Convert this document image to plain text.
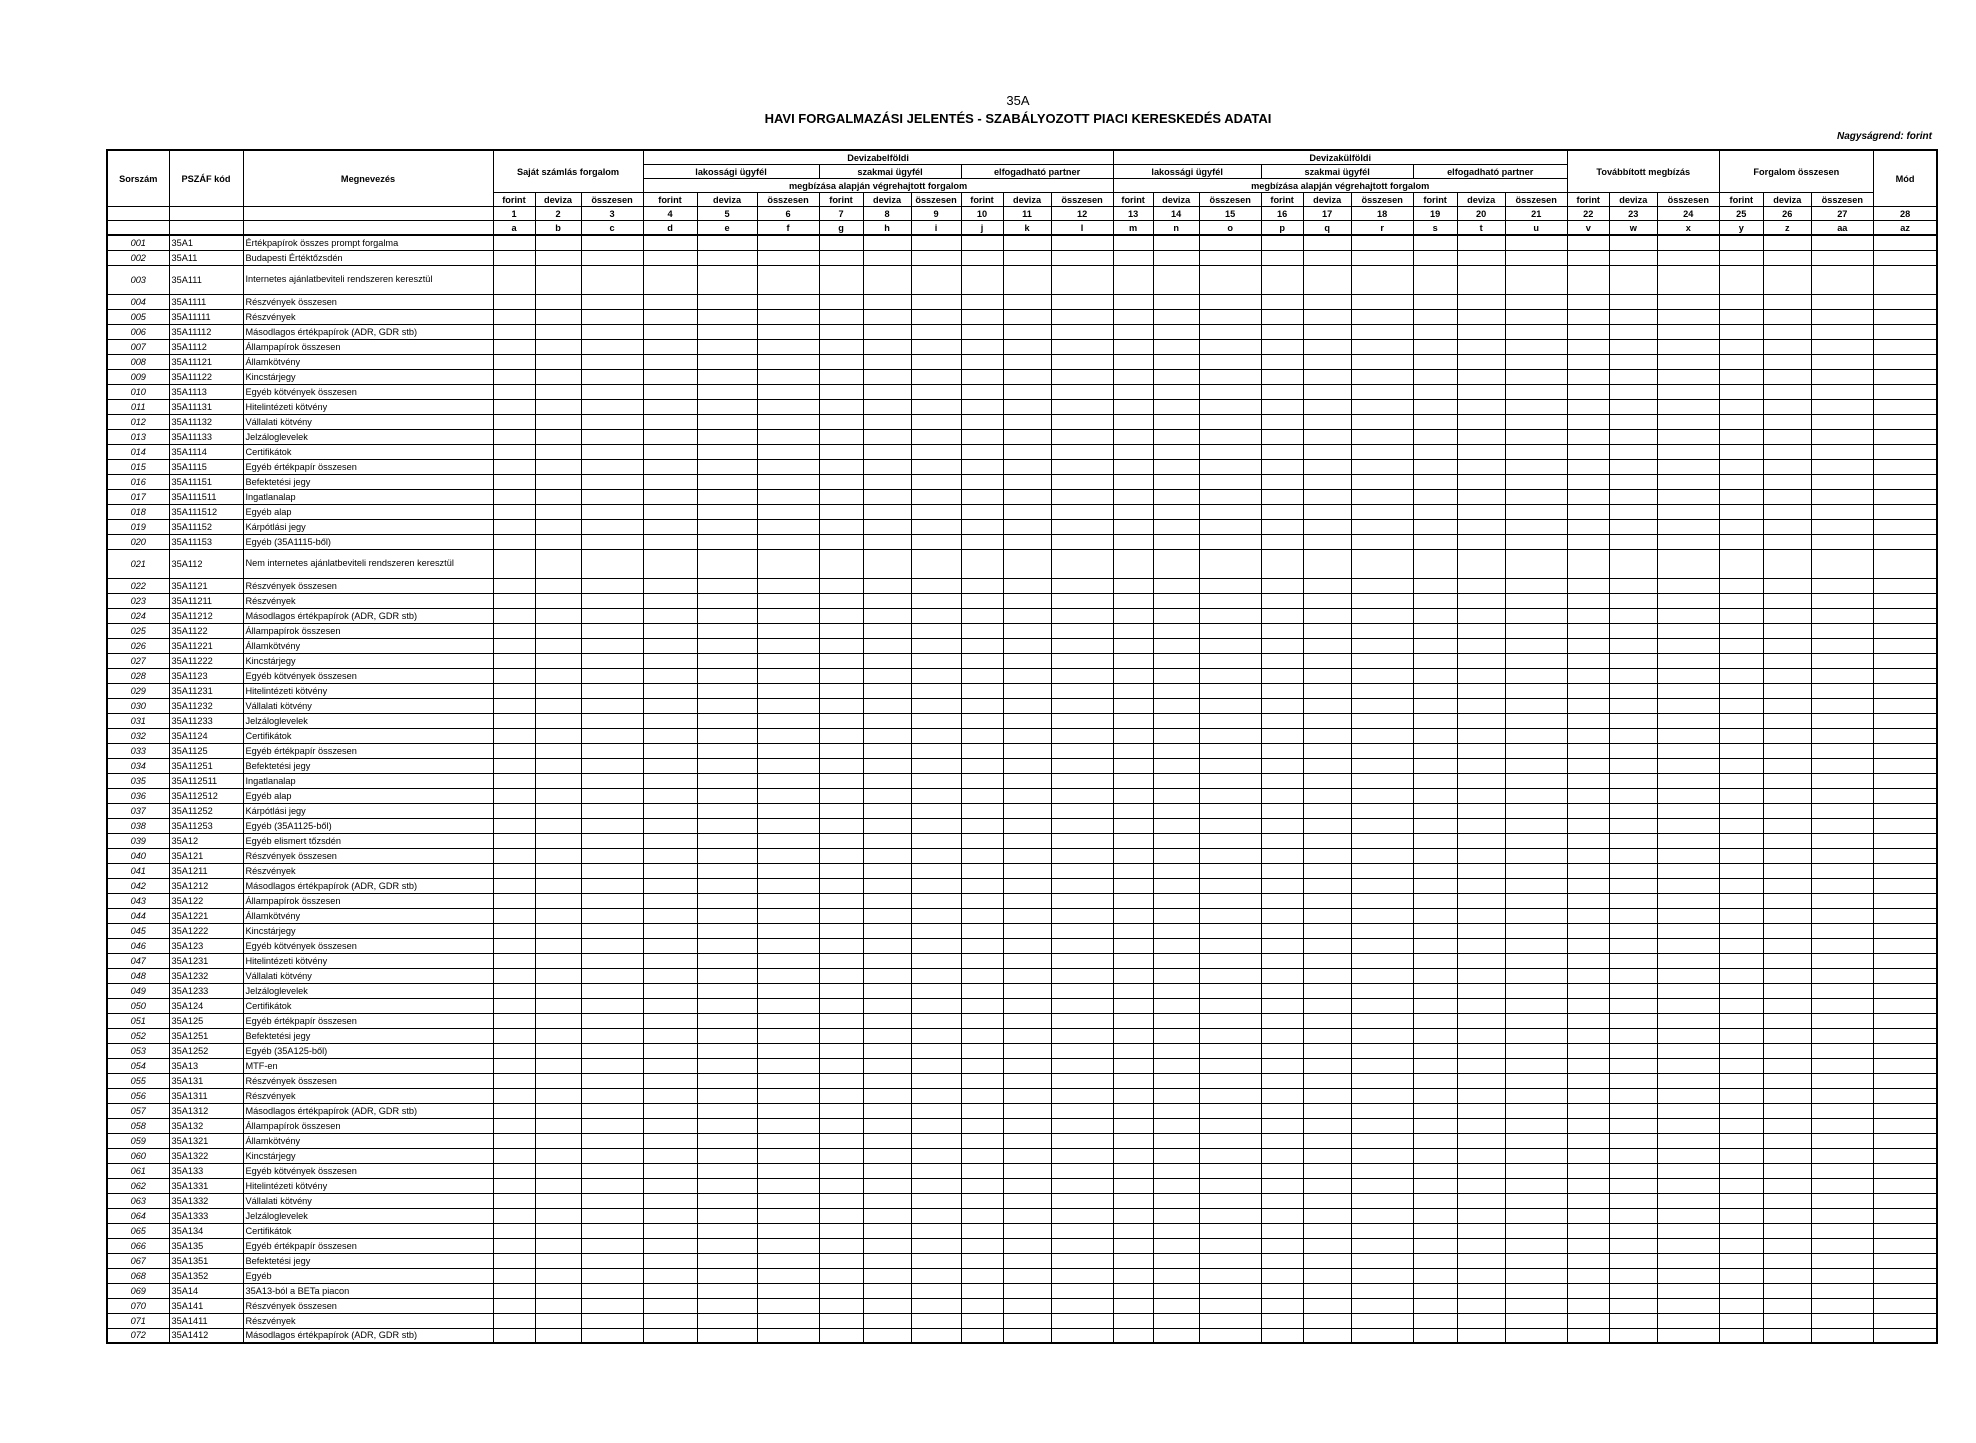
35A
HAVI FORGALMAZÁSI JELENTÉS - SZABÁLYOZOTT PIACI KERESKEDÉS ADATAI
Nagyságrend: forint
Sorszám	PSZÁF kód	Megnevezés	Saját számlás forgalom			Devizabelföldi									Devizakülföldi									Továbbított megbízás			Forgalom összesen			Mód
						lakossági ügyfél			szakmai ügyfél			elfogadható partner			lakossági ügyfél			szakmai ügyfél			elfogadható partner									
						megbízása alapján végrehajtott forgalom									megbízása alapján végrehajtott forgalom															
			forint	deviza	összesen	forint	deviza	összesen	forint	deviza	összesen	forint	deviza	összesen	forint	deviza	összesen	forint	deviza	összesen	forint	deviza	összesen	forint	deviza	összesen	forint	deviza	összesen	
			1	2	3	4	5	6	7	8	9	10	11	12	13	14	15	16	17	18	19	20	21	22	23	24	25	26	27	28
			a	b	c	d	e	f	g	h	i	j	k	l	m	n	o	p	q	r	s	t	u	v	w	x	y	z	aa	az
001	35A1	Értékpapírok összes prompt forgalma																												
002	35A11	Budapesti Értéktőzsdén																												
003	35A111	Internetes ajánlatbeviteli rendszeren keresztül																												
004	35A1111	Részvények összesen																												
005	35A11111	Részvények																												
006	35A11112	Másodlagos értékpapírok (ADR, GDR stb)																												
007	35A1112	Állampapírok összesen																												
008	35A11121	Államkötvény																												
009	35A11122	Kincstárjegy																												
010	35A1113	Egyéb kötvények összesen																												
011	35A11131	Hitelintézeti kötvény																												
012	35A11132	Vállalati kötvény																												
013	35A11133	Jelzáloglevelek																												
014	35A1114	Certifikátok																												
015	35A1115	Egyéb értékpapír összesen																												
016	35A11151	Befektetési jegy																												
017	35A111511	Ingatlanalap																												
018	35A111512	Egyéb alap																												
019	35A11152	Kárpótlási jegy																												
020	35A11153	Egyéb (35A1115-ből)																												
021	35A112	Nem internetes ajánlatbeviteli rendszeren keresztül																												
022	35A1121	Részvények összesen																												
023	35A11211	Részvények																												
024	35A11212	Másodlagos értékpapírok (ADR, GDR stb)																												
025	35A1122	Állampapírok összesen																												
026	35A11221	Államkötvény																												
027	35A11222	Kincstárjegy																												
028	35A1123	Egyéb kötvények összesen																												
029	35A11231	Hitelintézeti kötvény																												
030	35A11232	Vállalati kötvény																												
031	35A11233	Jelzáloglevelek																												
032	35A1124	Certifikátok																												
033	35A1125	Egyéb értékpapír összesen																												
034	35A11251	Befektetési jegy																												
035	35A112511	Ingatlanalap																												
036	35A112512	Egyéb alap																												
037	35A11252	Kárpótlási jegy																												
038	35A11253	Egyéb (35A1125-ből)																												
039	35A12	Egyéb elismert tőzsdén																												
040	35A121	Részvények összesen																												
041	35A1211	Részvények																												
042	35A1212	Másodlagos értékpapírok (ADR, GDR stb)																												
043	35A122	Állampapírok összesen																												
044	35A1221	Államkötvény																												
045	35A1222	Kincstárjegy																												
046	35A123	Egyéb kötvények összesen																												
047	35A1231	Hitelintézeti kötvény																												
048	35A1232	Vállalati kötvény																												
049	35A1233	Jelzáloglevelek																												
050	35A124	Certifikátok																												
051	35A125	Egyéb értékpapír összesen																												
052	35A1251	Befektetési jegy																												
053	35A1252	Egyéb (35A125-ből)																												
054	35A13	MTF-en																												
055	35A131	Részvények összesen																												
056	35A1311	Részvények																												
057	35A1312	Másodlagos értékpapírok (ADR, GDR stb)																												
058	35A132	Állampapírok összesen																												
059	35A1321	Államkötvény																												
060	35A1322	Kincstárjegy																												
061	35A133	Egyéb kötvények összesen																												
062	35A1331	Hitelintézeti kötvény																												
063	35A1332	Vállalati kötvény																												
064	35A1333	Jelzáloglevelek																												
065	35A134	Certifikátok																												
066	35A135	Egyéb értékpapír összesen																												
067	35A1351	Befektetési jegy																												
068	35A1352	Egyéb																												
069	35A14	35A13-ból a BETa piacon																												
070	35A141	Részvények összesen																												
071	35A1411	Részvények																												
072	35A1412	Másodlagos értékpapírok (ADR, GDR stb)																												
